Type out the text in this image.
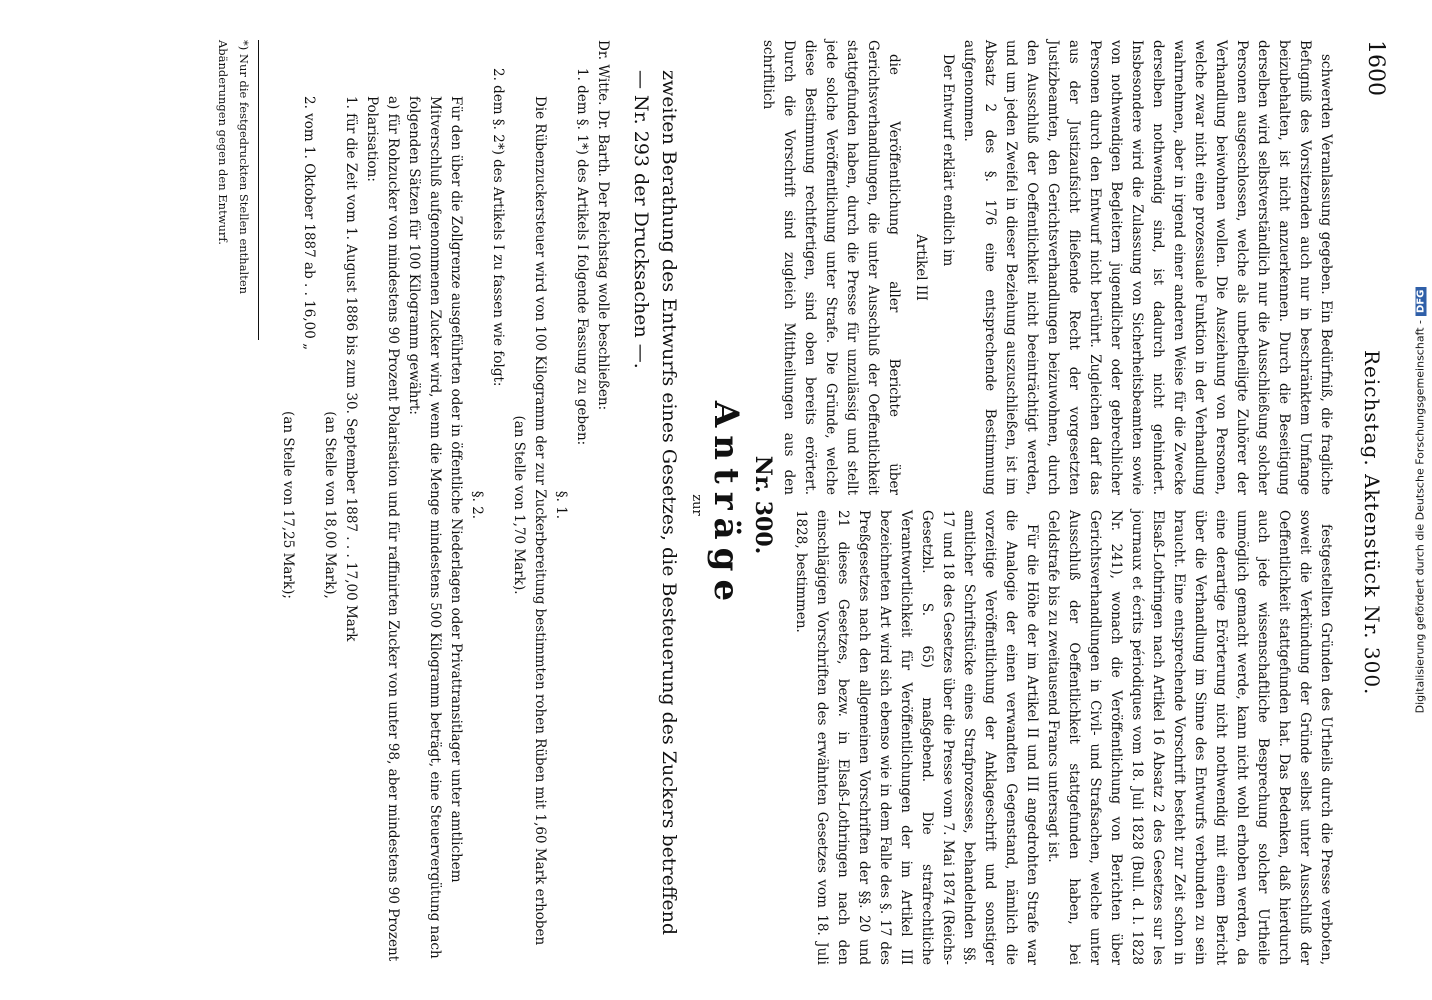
1600
Reichstag. Aktenstück Nr. 300.

schwerden Veranlassung gegeben. Ein Bedürfniß, die fragliche Befugniß des Vorsitzenden auch nur in beschränktem Umfange beizubehalten, ist nicht anzuerkennen. Durch die Beseitigung derselben wird selbstverständlich nur die Ausschließung solcher Personen ausgeschlossen, welche als unbetheiligte Zuhörer der Verhandlung beiwohnen wollen. Die Ausziehung von Personen, welche zwar nicht eine prozessuale Funktion in der Verhandlung wahrnehmen, aber in irgend einer anderen Weise für die Zwecke derselben nothwendig sind, ist dadurch nicht gehindert. Insbesondere wird die Zulassung von Sicherheitsbeamten sowie von nothwendigen Begleitern jugendlicher oder gebrechlicher Personen durch den Entwurf nicht berührt. Zugleichen darf das aus der Justizaufsicht fließende Recht der vorgesetzten Justizbeamten, den Gerichtsverhandlungen beizuwohnen, durch den Ausschluß der Oeffentlichkeit nicht beeinträchtigt werden, und um jeden Zweifel in dieser Beziehung auszuschließen, ist im Absatz 2 des §. 176 eine entsprechende Bestimmung aufgenommen.

Der Entwurf erklärt endlich im

Artikel III

die Veröffentlichung aller Berichte über Gerichtsverhandlungen, die unter Ausschluß der Oeffentlichkeit stattgefunden haben, durch die Presse für unzulässig und stellt jede solche Veröffentlichung unter Strafe. Die Gründe, welche diese Bestimmung rechtfertigen, sind oben bereits erörtert. Durch die Vorschrift sind zugleich Mittheilungen aus den schriftlich

festgestellten Gründen des Urtheils durch die Presse verboten, soweit die Verkündung der Gründe selbst unter Ausschluß der Oeffentlichkeit stattgefunden hat. Das Bedenken, daß hierdurch auch jede wissenschaftliche Besprechung solcher Urtheile unmöglich gemacht werde, kann nicht wohl erhoben werden, da eine derartige Erörterung nicht nothwendig mit einem Bericht über die Verhandlung im Sinne des Entwurfs verbunden zu sein braucht. Eine entsprechende Vorschrift besteht zur Zeit schon in Elsaß-Lothringen nach Artikel 16 Absatz 2 des Gesetzes sur les journaux et écrits périodiques vom 18. Juli 1828 (Bull. d. l. 1828 Nr. 241), wonach die Veröffentlichung von Berichten über Gerichtsverhandlungen in Civil- und Strafsachen, welche unter Ausschluß der Oeffentlichkeit stattgefunden haben, bei Geldstrafe bis zu zweitausend Francs untersagt ist.

Für die Höhe der im Artikel II und III angedrohten Strafe war die Analogie der einen verwandten Gegenstand, nämlich die vorzeitige Veröffentlichung der Anklageschrift und sonstiger amtlicher Schriftstücke eines Strafprozesses, behandelnden §§. 17 und 18 des Gesetzes über die Presse vom 7. Mai 1874 (Reichs-Gesetzbl. S. 65) maßgebend. Die strafrechtliche Verantwortlichkeit für Veröffentlichungen der im Artikel III bezeichneten Art wird sich ebenso wie in dem Falle des §. 17 des Preßgesetzes nach den allgemeinen Vorschriften der §§. 20 und 21 dieses Gesetzes, bezw. in Elsaß-Lothringen nach den einschlägigen Vorschriften des erwähnten Gesetzes vom 18. Juli 1828, bestimmen.

Nr. 300.
Anträge
zur
zweiten Berathung des Entwurfs eines Gesetzes, die Besteuerung des Zuckers betreffend — Nr. 293 der Drucksachen —.

Dr. Witte. Dr. Barth. Der Reichstag wolle beschließen:

1. dem §. 1*) des Artikels I folgende Fassung zu geben:

§. 1.

Die Rübenzuckersteuer wird von 100 Kilogramm der zur Zuckerbereitung bestimmten rohen Rüben mit 1,60 Mark erhoben

(an Stelle von 1,70 Mark).

2. dem §. 2*) des Artikels I zu fassen wie folgt:

§. 2.

Für den über die Zollgrenze ausgeführten oder in öffentliche Niederlagen oder Privattransitlager unter amtlichem Mitverschluß aufgenommenen Zucker wird, wenn die Menge mindestens 500 Kilogramm beträgt, eine Steuervergütung nach folgenden Sätzen für 100 Kilogramm gewährt:

a) für Rohzucker von mindestens 90 Prozent Polarisation und für raffinirten Zucker von unter 98, aber mindestens 90 Prozent Polarisation:

1. für die Zeit vom 1. August 1886 bis zum 30. September 1887 . . . 17,00 Mark

(an Stelle von 18,00 Mark),

2. vom 1. Oktober 1887 ab . . 16,00 „

(an Stelle von 17,25 Mark);

*) Nur die festgedruckten Stellen enthalten Abänderungen gegen den Entwurf.
Digitalisierung gefördert durch die Deutsche Forschungsgemeinschaft -DFG
